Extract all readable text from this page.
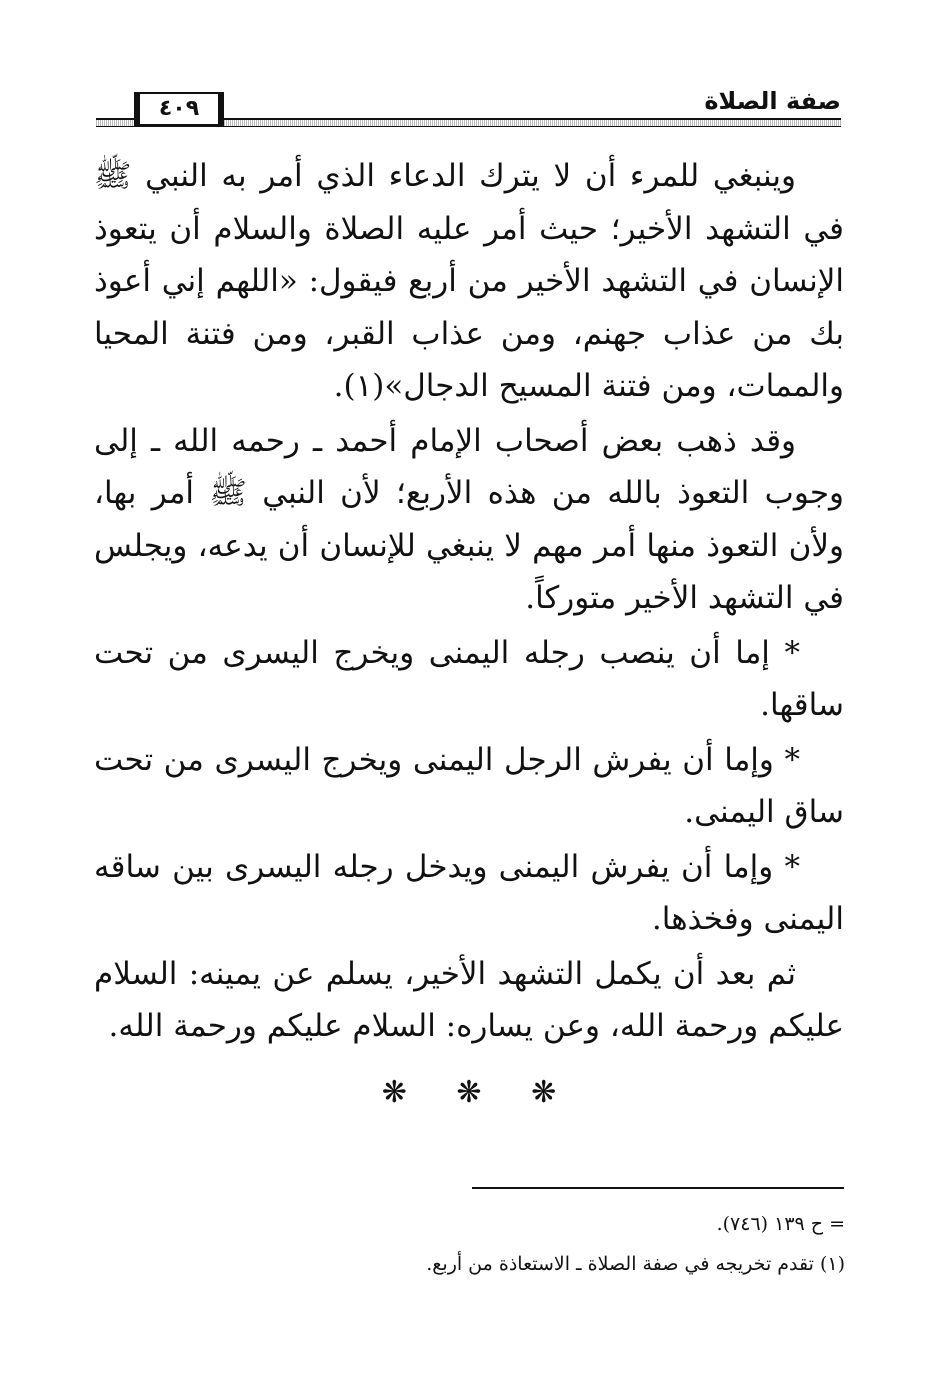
٤٠٩	صفة الصلاة

وينبغي للمرء أن لا يترك الدعاء الذي أمر به النبي ﷺ في التشهد الأخير؛ حيث أمر عليه الصلاة والسلام أن يتعوذ الإنسان في التشهد الأخير من أربع فيقول: «اللهم إني أعوذ بك من عذاب جهنم، ومن عذاب القبر، ومن فتنة المحيا والممات، ومن فتنة المسيح الدجال»(١).

وقد ذهب بعض أصحاب الإمام أحمد ـ رحمه الله ـ إلى وجوب التعوذ بالله من هذه الأربع؛ لأن النبي ﷺ أمر بها، ولأن التعوذ منها أمر مهم لا ينبغي للإنسان أن يدعه، ويجلس في التشهد الأخير متوركاً.

* إما أن ينصب رجله اليمنى ويخرج اليسرى من تحت ساقها.

* وإما أن يفرش الرجل اليمنى ويخرج اليسرى من تحت ساق اليمنى.

* وإما أن يفرش اليمنى ويدخل رجله اليسرى بين ساقه اليمنى وفخذها.

ثم بعد أن يكمل التشهد الأخير، يسلم عن يمينه: السلام عليكم ورحمة الله، وعن يساره: السلام عليكم ورحمة الله.

❋ ❋ ❋
= ح ١٣٩ (٧٤٦).
(١) تقدم تخريجه في صفة الصلاة ـ الاستعاذة من أربع.
